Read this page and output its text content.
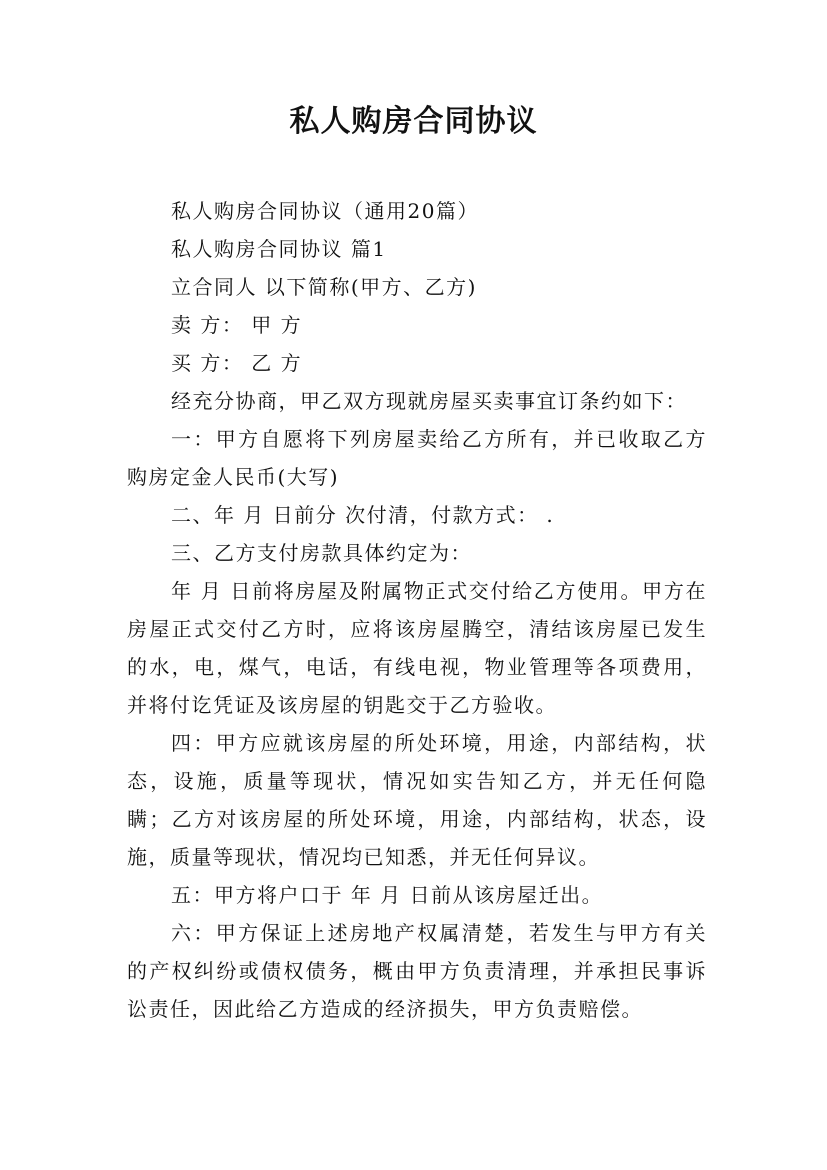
私人购房合同协议

私人购房合同协议（通用20篇）

私人购房合同协议 篇1

立合同人 以下简称(甲方、乙方)

卖 方： 甲 方

买 方： 乙 方

经充分协商，甲乙双方现就房屋买卖事宜订条约如下：

一：甲方自愿将下列房屋卖给乙方所有，并已收取乙方购房定金人民币(大写)

二、年 月 日前分 次付清，付款方式： .

三、乙方支付房款具体约定为：

年 月 日前将房屋及附属物正式交付给乙方使用。甲方在房屋正式交付乙方时，应将该房屋腾空，清结该房屋已发生的水，电，煤气，电话，有线电视，物业管理等各项费用，并将付讫凭证及该房屋的钥匙交于乙方验收。

四：甲方应就该房屋的所处环境，用途，内部结构，状态，设施，质量等现状，情况如实告知乙方，并无任何隐瞒；乙方对该房屋的所处环境，用途，内部结构，状态，设施，质量等现状，情况均已知悉，并无任何异议。

五：甲方将户口于 年 月 日前从该房屋迁出。

六：甲方保证上述房地产权属清楚，若发生与甲方有关的产权纠纷或债权债务，概由甲方负责清理，并承担民事诉讼责任，因此给乙方造成的经济损失，甲方负责赔偿。
